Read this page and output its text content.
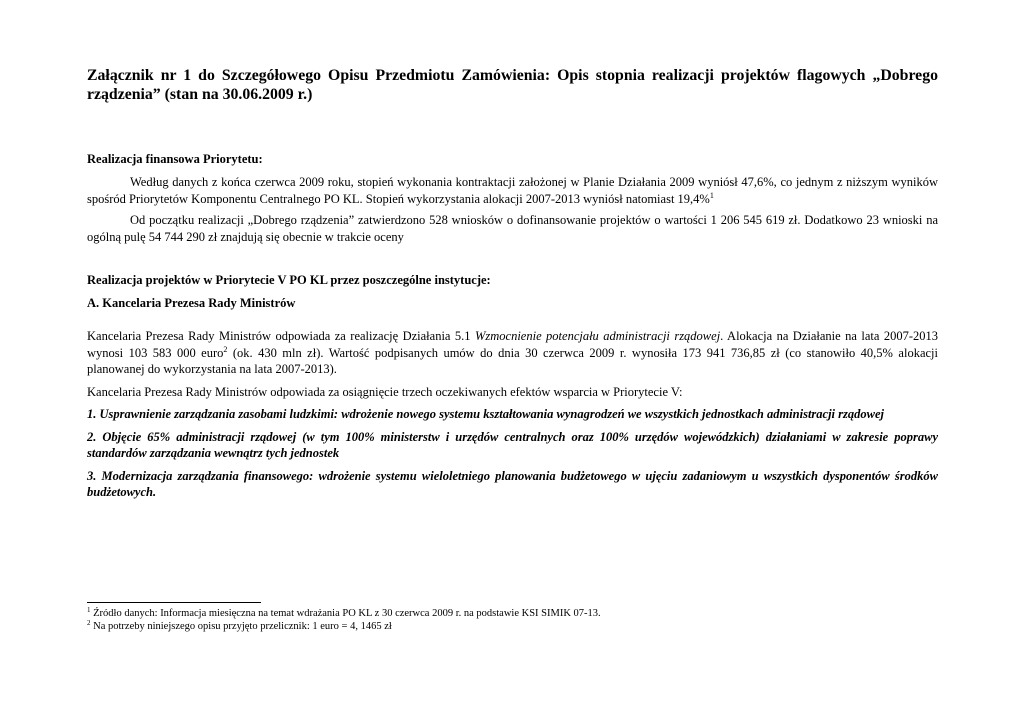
Załącznik nr 1 do Szczegółowego Opisu Przedmiotu Zamówienia: Opis stopnia realizacji projektów flagowych „Dobrego rządzenia” (stan na 30.06.2009 r.)
Realizacja finansowa Priorytetu:

Według danych z końca czerwca 2009 roku, stopień wykonania kontraktacji założonej w Planie Działania 2009 wyniósł 47,6%, co jednym z niższym wyników spośród Priorytetów Komponentu Centralnego PO KL. Stopień wykorzystania alokacji 2007-2013 wyniósł natomiast 19,4%$^1$

Od początku realizacji „Dobrego rządzenia” zatwierdzono 528 wniosków o dofinansowanie projektów o wartości 1 206 545 619 zł. Dodatkowo 23 wnioski na ogólną pulę 54 744 290 zł znajdują się obecnie w trakcie oceny

Realizacja projektów w Priorytecie V PO KL przez poszczególne instytucje:
A. Kancelaria Prezesa Rady Ministrów

Kancelaria Prezesa Rady Ministrów odpowiada za realizację Działania 5.1 Wzmocnienie potencjału administracji rządowej. Alokacja na Działanie na lata 2007-2013 wynosi 103 583 000 euro$^2$ (ok. 430 mln zł). Wartość podpisanych umów do dnia 30 czerwca 2009 r. wynosiła 173 941 736,85 zł (co stanowiło 40,5% alokacji planowanej do wykorzystania na lata 2007-2013).

Kancelaria Prezesa Rady Ministrów odpowiada za osiągnięcie trzech oczekiwanych efektów wsparcia w Priorytecie V:

1. Usprawnienie zarządzania zasobami ludzkimi: wdrożenie nowego systemu kształtowania wynagrodzeń we wszystkich jednostkach administracji rządowej

2. Objęcie 65% administracji rządowej (w tym 100% ministerstw i urzędów centralnych oraz 100% urzędów wojewódzkich) działaniami w zakresie poprawy standardów zarządzania wewnątrz tych jednostek

3. Modernizacja zarządzania finansowego: wdrożenie systemu wieloletniego planowania budżetowego w ujęciu zadaniowym u wszystkich dysponentów środków budżetowych.

$^1$ Źródło danych: Informacja miesięczna na temat wdrażania PO KL z 30 czerwca 2009 r. na podstawie KSI SIMIK 07-13.
$^2$ Na potrzeby niniejszego opisu przyjęto przelicznik: 1 euro = 4, 1465 zł
